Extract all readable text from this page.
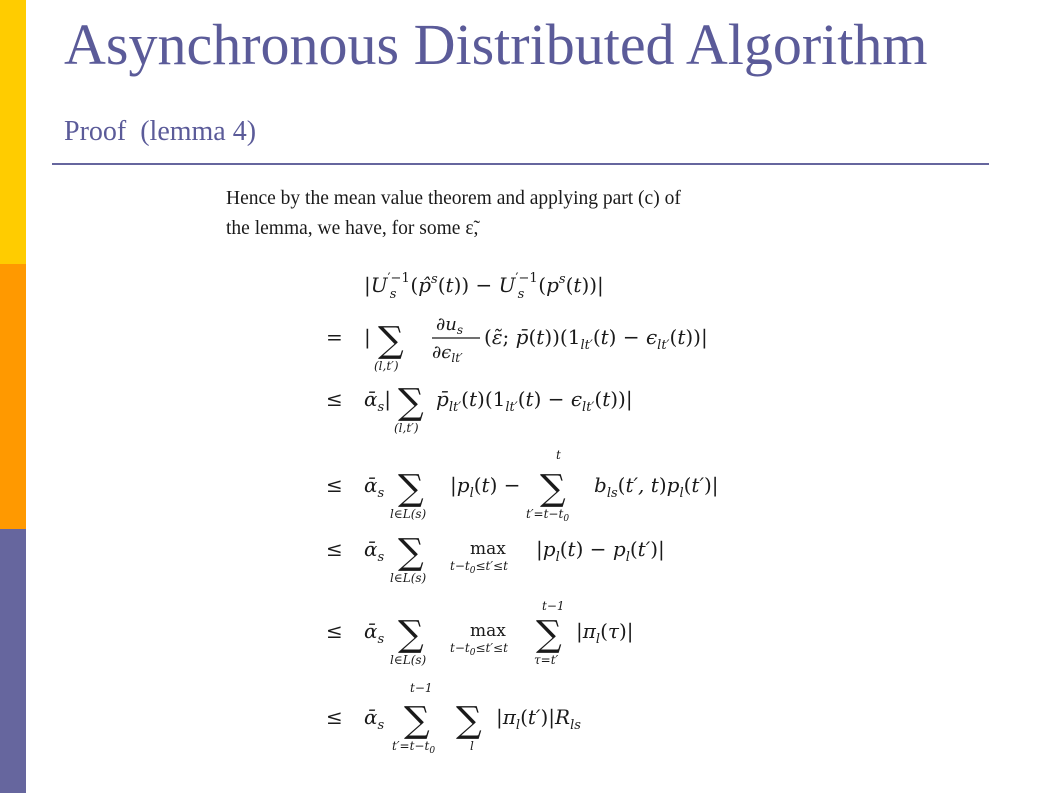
Asynchronous Distributed Algorithm
Proof  (lemma 4)

Hence by the mean value theorem and applying part (c) of

the lemma, we have, for some ε̃,

$|U^{'-1}$ s (p̂$^s$(t)) − $U^{'-1}$ s $(p^s(t))|$
= | ∑
(l,t′)
$\partial u_s$
$\partial\epsilon_{lt'}$
(ε̃; $p̄(t))(1_{lt'}(t) - \epsilon_{lt'}(t))|$
≤ ᾱ$_s$| ∑
(l,t′)
$p̄_{lt'}(t)(1_{lt'}(t) - \epsilon_{lt'}(t))|$
≤ ᾱ$_s$ ∑
l∈L(s)
$|p_l(t)$ −
t
∑
$t'=t-t_0$
$b_{ls}(t'$, $t)p_l(t')|$
≤ ᾱ$_s$ ∑
l∈L(s)
max
$t-t_0\le t'\le t$
$|p_l(t) - p_l(t')|$
≤ ᾱ$_s$ ∑
l∈L(s)
max
$t-t_0\le t'\le t$
t−1
∑
τ=t′
$|\pi_l(\tau)|$
≤ ᾱ$_s$
t−1
∑
$t'=t-t_0$
∑
l
$|\pi_l(t')|R_{ls}$
